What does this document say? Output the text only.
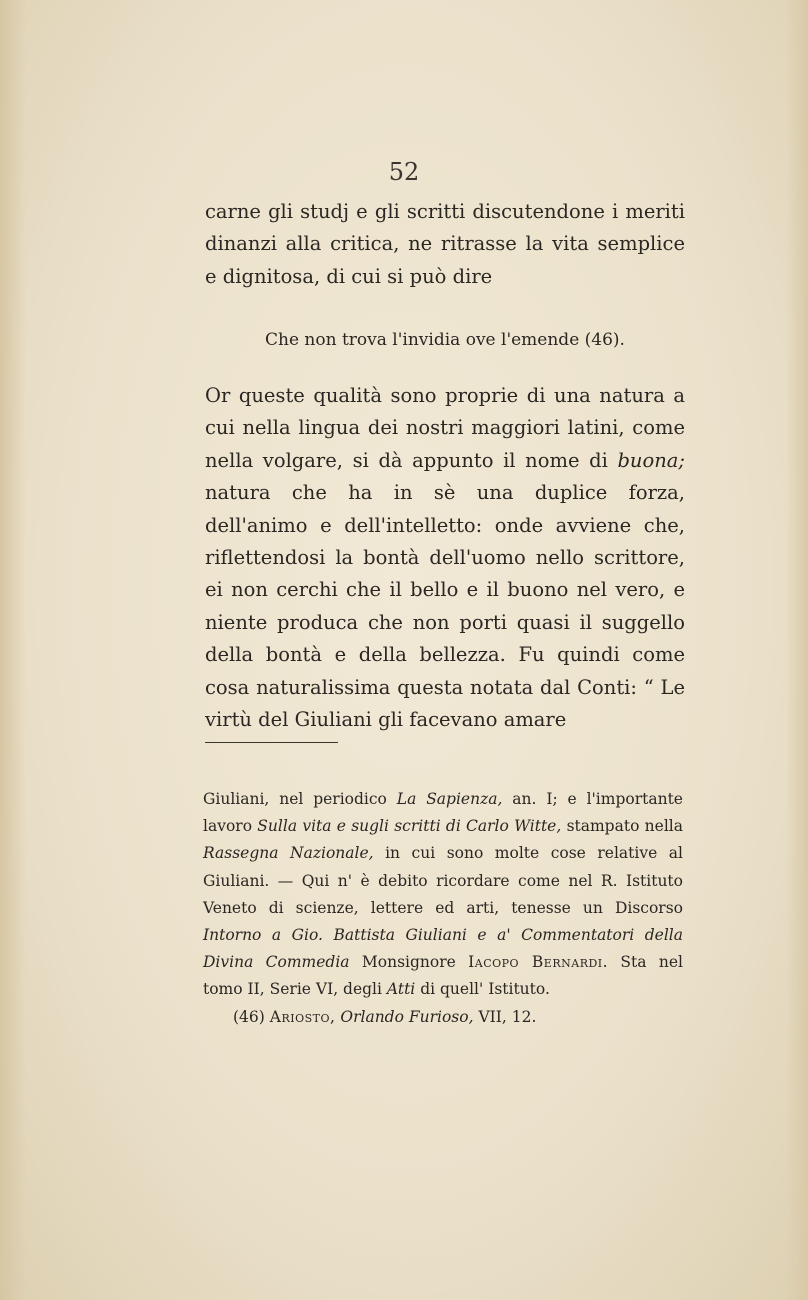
52

carne gli studj e gli scritti discutendone i meriti dinanzi alla critica, ne ritrasse la vita semplice e dignitosa, di cui si può dire

Che non trova l'invidia ove l'emende (46).

Or queste qualità sono proprie di una natura a cui nella lingua dei nostri maggiori latini, come nella volgare, si dà appunto il nome di buona; natura che ha in sè una duplice forza, dell'animo e dell'intelletto: onde avviene che, riflettendosi la bontà dell'uomo nello scrittore, ei non cerchi che il bello e il buono nel vero, e niente produca che non porti quasi il suggello della bontà e della bellezza. Fu quindi come cosa naturalissima questa notata dal Conti: “ Le virtù del Giuliani gli facevano amare

Giuliani, nel periodico La Sapienza, an. I; e l'importante lavoro Sulla vita e sugli scritti di Carlo Witte, stampato nella Rassegna Nazionale, in cui sono molte cose relative al Giuliani. — Qui n' è debito ricordare come nel R. Istituto Veneto di scienze, lettere ed arti, tenesse un Discorso Intorno a Gio. Battista Giuliani e a' Commentatori della Divina Commedia Monsignore Iacopo Bernardi. Sta nel tomo II, Serie VI, degli Atti di quell' Istituto.

(46) Ariosto, Orlando Furioso, VII, 12.
